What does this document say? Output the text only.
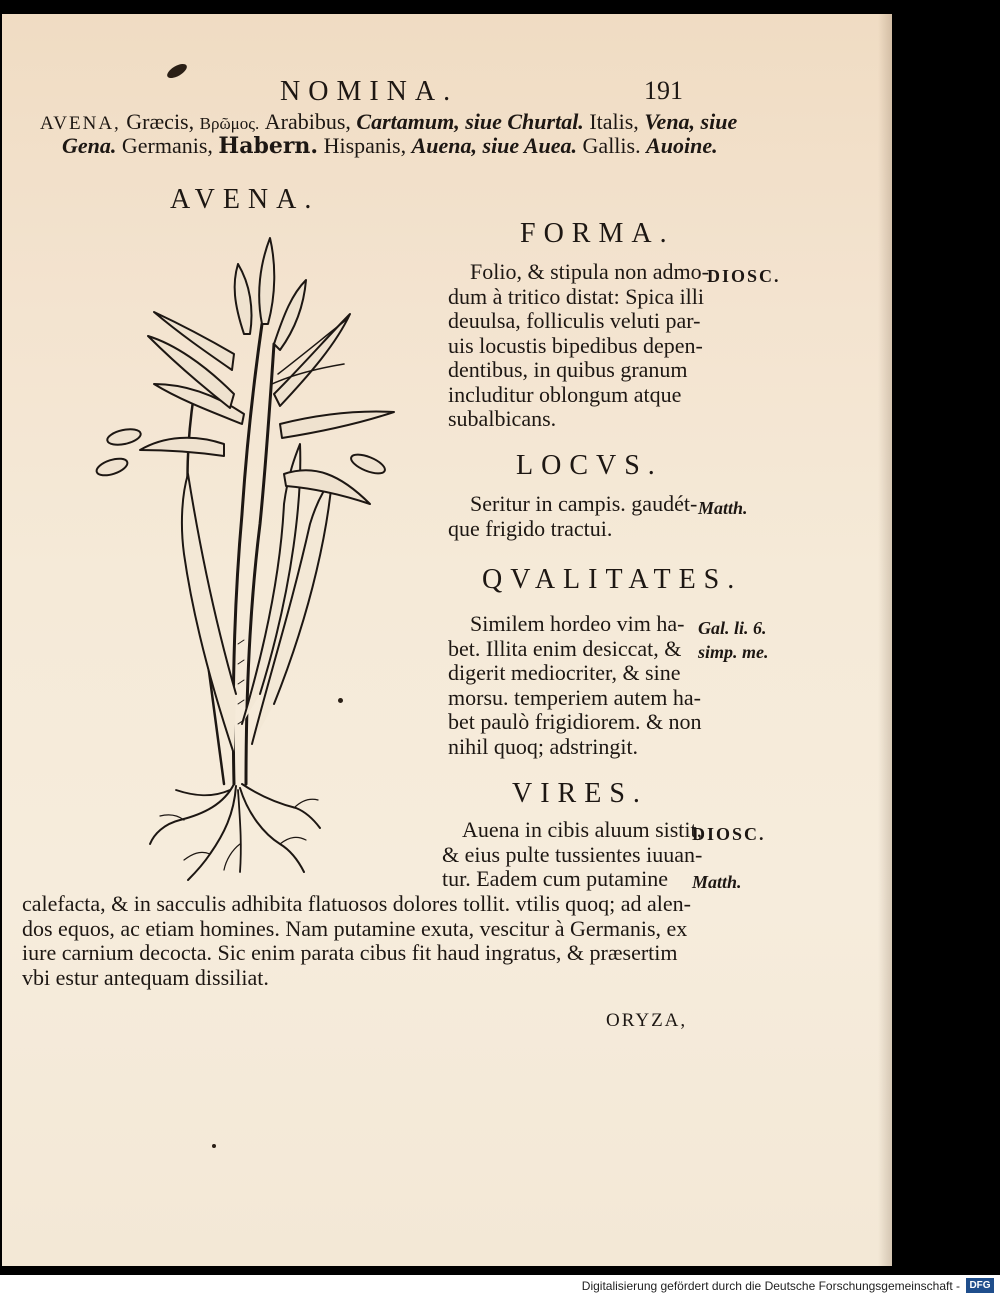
NOMINA.	191
AVENA, Græcis, Βρῶμος. Arabibus, Cartamum, siue Churtal. Italis, Vena, siue
Gena. Germanis, Habern. Hispanis, Auena, siue Auea. Gallis. Auoine.
AVENA.
FORMA.
Folio, & stipula non admo-
dum à tritico distat: Spica illi
deuulsa, folliculis veluti par-
uis locustis bipedibus depen-
dentibus, in quibus granum
includitur oblongum atque
subalbicans.
DIOSC.
LOCVS.
Seritur in campis. gaudét-
que frigido tractui.
Matth.
QVALITATES.
Similem hordeo vim ha-
bet. Illita enim desiccat, &
digerit mediocriter, & sine
morsu. temperiem autem ha-
bet paulò frigidiorem. & non
nihil quoq; adstringit.
Gal. li. 6.
simp. me.
VIRES.
Auena in cibis aluum sistit,
& eius pulte tussientes iuuan-
tur. Eadem cum putamine
DIOSC.
Matth.
calefacta, & in sacculis adhibita flatuosos dolores tollit. vtilis quoq; ad alen-
dos equos, ac etiam homines. Nam putamine exuta, vescitur à Germanis, ex
iure carnium decocta. Sic enim parata cibus fit haud ingratus, & præsertim
vbi estur antequam dissiliat.
ORYZA,
Digitalisierung gefördert durch die Deutsche Forschungsgemeinschaft - DFG
